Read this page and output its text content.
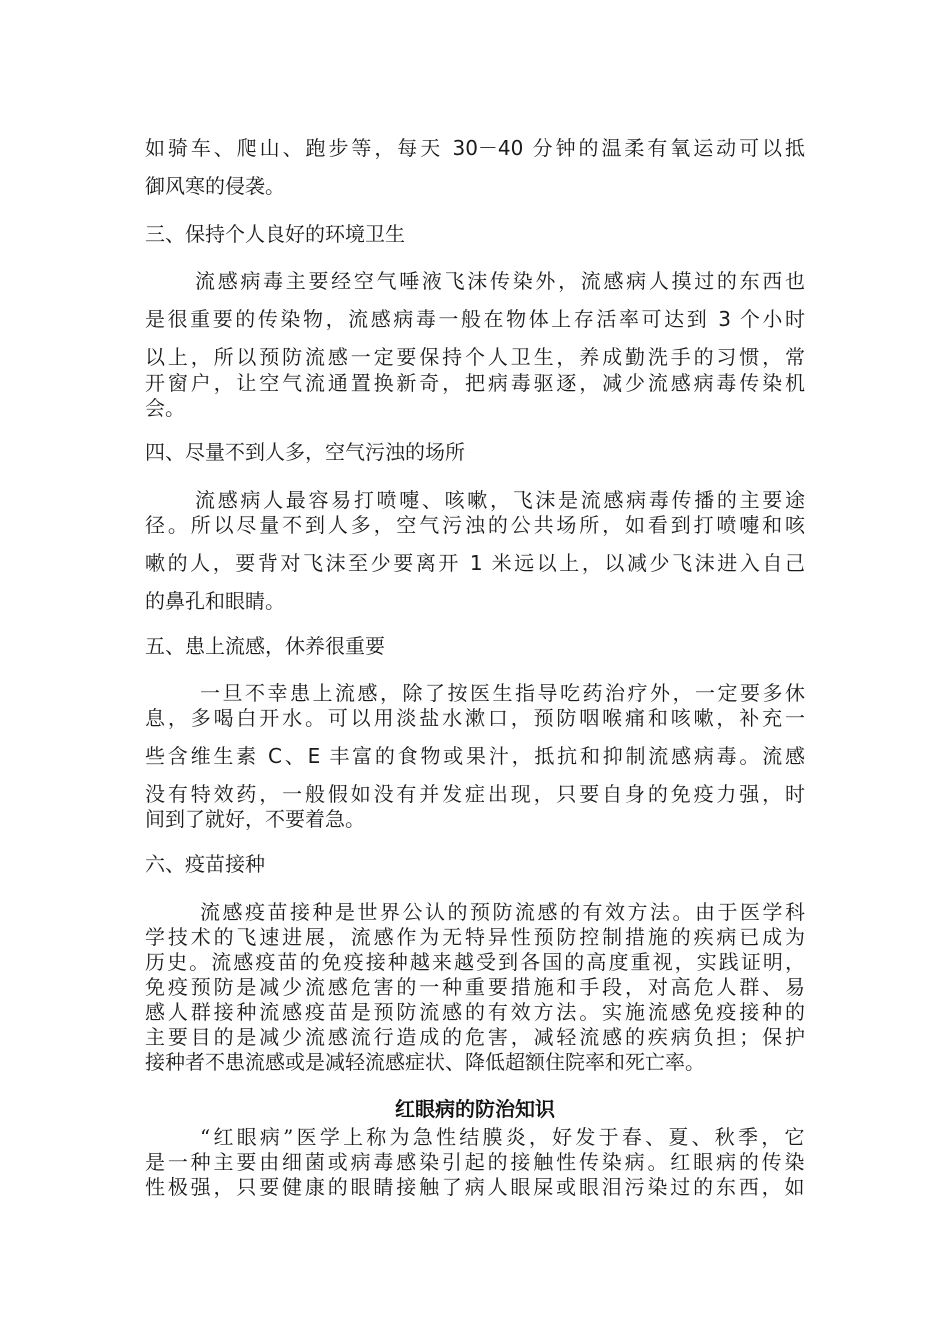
如骑车、爬山、跑步等，每天 30－40 分钟的温柔有氧运动可以抵
御风寒的侵袭。
三、保持个人良好的环境卫生
流感病毒主要经空气唾液飞沫传染外，流感病人摸过的东西也
是很重要的传染物，流感病毒一般在物体上存活率可达到 3 个小时
以上，所以预防流感一定要保持个人卫生，养成勤洗手的习惯，常
开窗户，让空气流通置换新奇，把病毒驱逐，减少流感病毒传染机
会。
四、尽量不到人多，空气污浊的场所
流感病人最容易打喷嚏、咳嗽，飞沫是流感病毒传播的主要途
径。所以尽量不到人多，空气污浊的公共场所，如看到打喷嚏和咳
嗽的人，要背对飞沫至少要离开 1 米远以上，以减少飞沫进入自己
的鼻孔和眼睛。
五、患上流感，休养很重要
一旦不幸患上流感，除了按医生指导吃药治疗外，一定要多休
息，多喝白开水。可以用淡盐水漱口，预防咽喉痛和咳嗽，补充一
些含维生素 C、E 丰富的食物或果汁，抵抗和抑制流感病毒。流感
没有特效药，一般假如没有并发症出现，只要自身的免疫力强，时
间到了就好，不要着急。
六、疫苗接种
流感疫苗接种是世界公认的预防流感的有效方法。由于医学科
学技术的飞速进展，流感作为无特异性预防控制措施的疾病已成为
历史。流感疫苗的免疫接种越来越受到各国的高度重视，实践证明，
免疫预防是减少流感危害的一种重要措施和手段，对高危人群、易
感人群接种流感疫苗是预防流感的有效方法。实施流感免疫接种的
主要目的是减少流感流行造成的危害，减轻流感的疾病负担；保护
接种者不患流感或是减轻流感症状、降低超额住院率和死亡率。
红眼病的防治知识
“红眼病”医学上称为急性结膜炎，好发于春、夏、秋季，它
是一种主要由细菌或病毒感染引起的接触性传染病。红眼病的传染
性极强，只要健康的眼睛接触了病人眼屎或眼泪污染过的东西，如
